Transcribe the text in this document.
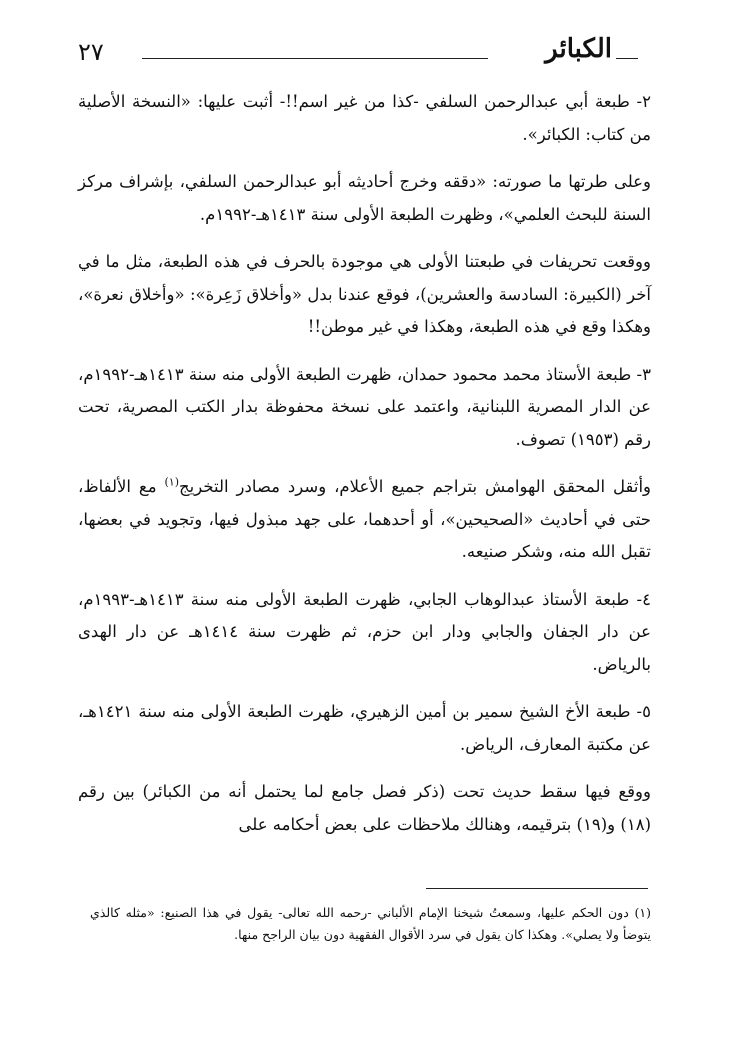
٢٧	الكبائر

٢- طبعة أبي عبدالرحمن السلفي -كذا من غير اسم!!- أثبت عليها: «النسخة الأصلية من كتاب: الكبائر».

وعلى طرتها ما صورته: «دققه وخرج أحاديثه أبو عبدالرحمن السلفي، بإشراف مركز السنة للبحث العلمي»، وظهرت الطبعة الأولى سنة ١٤١٣هـ-١٩٩٢م.

ووقعت تحريفات في طبعتنا الأولى هي موجودة بالحرف في هذه الطبعة، مثل ما في آخر (الكبيرة: السادسة والعشرين)، فوقع عندنا بدل «وأخلاق زَعِرة»: «وأخلاق نعرة»، وهكذا وقع في هذه الطبعة، وهكذا في غير موطن!!

٣- طبعة الأستاذ محمد محمود حمدان، ظهرت الطبعة الأولى منه سنة ١٤١٣هـ-١٩٩٢م، عن الدار المصرية اللبنانية، واعتمد على نسخة محفوظة بدار الكتب المصرية، تحت رقم (١٩٥٣) تصوف.

وأثقل المحقق الهوامش بتراجم جميع الأعلام، وسرد مصادر التخريج$^{(١)}$ مع الألفاظ، حتى في أحاديث «الصحيحين»، أو أحدهما، على جهد مبذول فيها، وتجويد في بعضها، تقبل الله منه، وشكر صنيعه.

٤- طبعة الأستاذ عبدالوهاب الجابي، ظهرت الطبعة الأولى منه سنة ١٤١٣هـ-١٩٩٣م، عن دار الجفان والجابي ودار ابن حزم، ثم ظهرت سنة ١٤١٤هـ عن دار الهدى بالرياض.

٥- طبعة الأخ الشيخ سمير بن أمين الزهيري، ظهرت الطبعة الأولى منه سنة ١٤٢١هـ، عن مكتبة المعارف، الرياض.

ووقع فيها سقط حديث تحت (ذكر فصل جامع لما يحتمل أنه من الكبائر) بين رقم (١٨) و(١٩) بترقيمه، وهنالك ملاحظات على بعض أحكامه على

(١) دون الحكم عليها، وسمعتُ شيخنا الإمام الألباني -رحمه الله تعالى- يقول في هذا الصنيع: «مثله كالذي يتوضأ ولا يصلي». وهكذا كان يقول في سرد الأقوال الفقهية دون بيان الراجح منها.
